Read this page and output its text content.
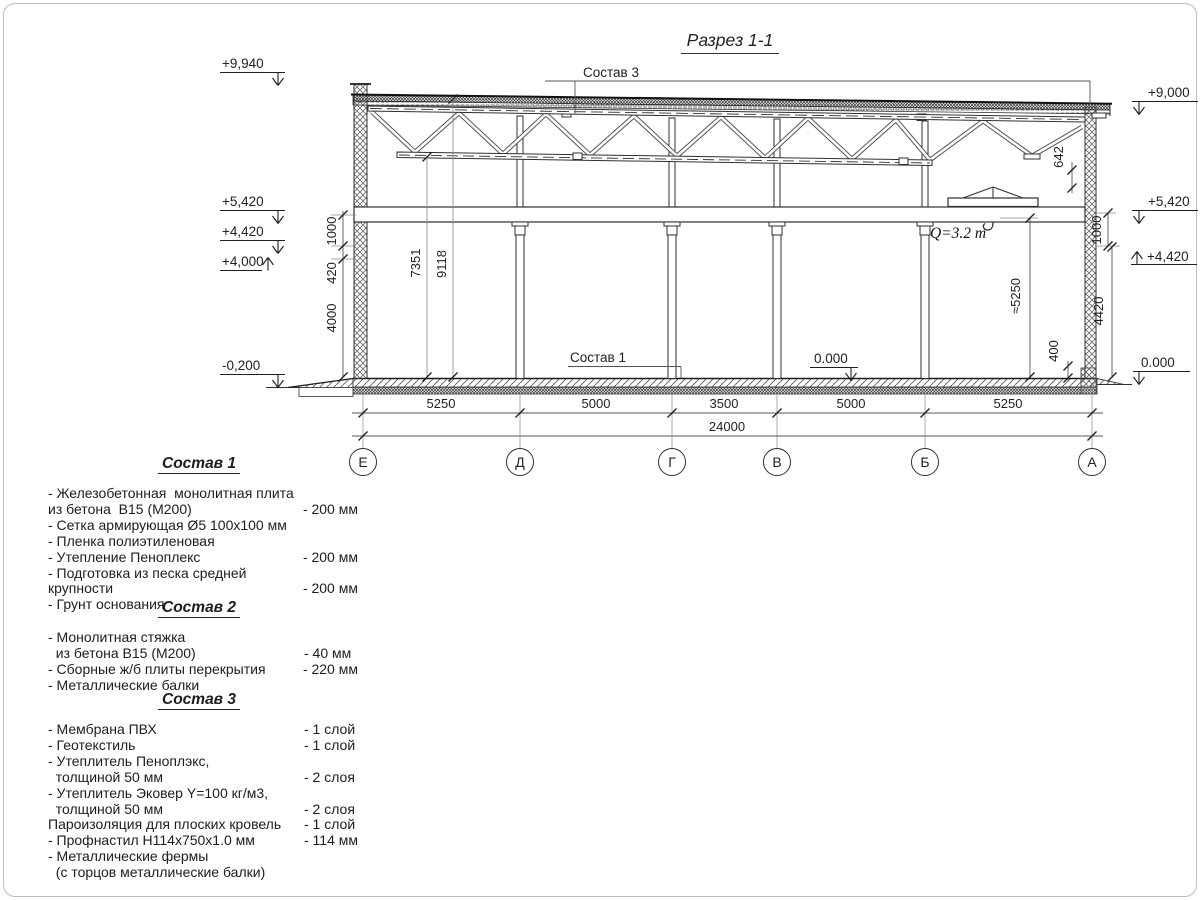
Разрез 1-1
Q=3.2 т
Состав 3
Состав 1
5250	5000	3500	5000	5250
24000
Е	Д	Г	В	Б	А
1000
420
4000
7351 9118
642
1000
4420
400
≈5250
+9,940
+5,420
+4,420
+4,000
-0,200
+9,000
+5,420
+4,420
0.000
0.000
Состав 1
- Железобетонная  монолитная плита
из бетона  В15 (М200)	- 200 мм
- Сетка армирующая Ø5 100х100 мм
- Пленка полиэтиленовая
- Утепление Пеноплекс	- 200 мм
- Подготовка из песка средней  крупности	- 200 мм
- Грунт основания
Состав 2
- Монолитная стяжка
из бетона В15 (М200)	- 40 мм
- Сборные ж/б плиты перекрытия	- 220 мм
- Металлические балки
Состав 3
- Мембрана ПВХ	- 1 слой
- Геотекстиль	- 1 слой
- Утеплитель Пеноплэкс,
толщиной 50 мм	- 2 слоя
- Утеплитель Эковер Y=100 кг/м3,
толщиной 50 мм	- 2 слоя
Пароизоляция для плоских кровель	- 1 слой
- Профнастил Н114х750х1.0 мм	- 114 мм
- Металлические фермы
(с торцов металлические балки)
